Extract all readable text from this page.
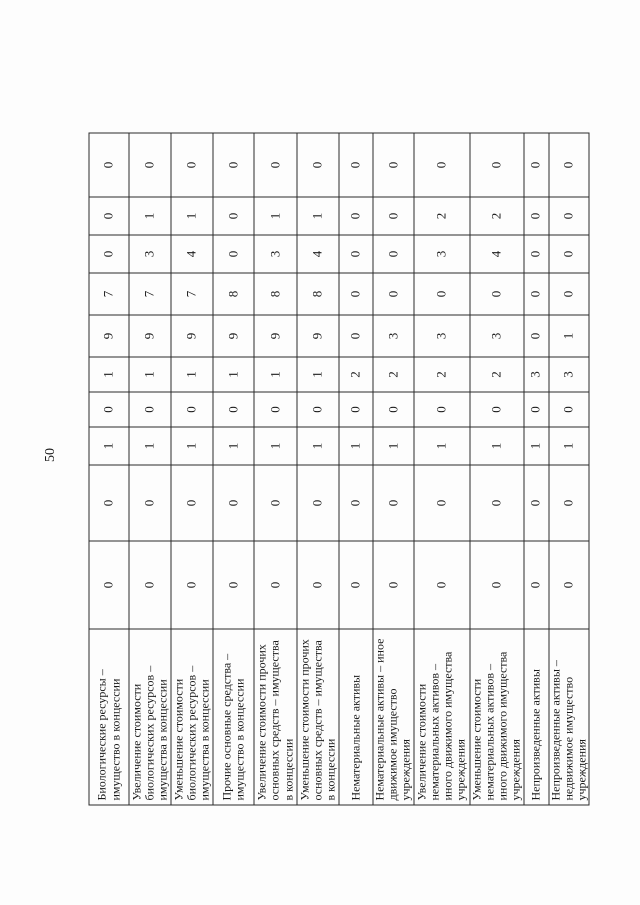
50
Биологические ресурсы – имущество в концессии	0	0	1	0	1	9	7	0	0	0
Увеличение стоимости биологических ресурсов – имущества в концессии	0	0	1	0	1	9	7	3	1	0
Уменьшение стоимости биологических ресурсов – имущества в концессии	0	0	1	0	1	9	7	4	1	0
Прочие основные средства – имущество в концессии	0	0	1	0	1	9	8	0	0	0
Увеличение стоимости прочих основных средств – имущества в концессии	0	0	1	0	1	9	8	3	1	0
Уменьшение стоимости прочих основных средств – имущества в концессии	0	0	1	0	1	9	8	4	1	0
Нематериальные активы	0	0	1	0	2	0	0	0	0	0
Нематериальные активы – иное движимое имущество учреждения	0	0	1	0	2	3	0	0	0	0
Увеличение стоимости нематериальных активов – иного движимого имущества учреждения	0	0	1	0	2	3	0	3	2	0
Уменьшение стоимости нематериальных активов – иного движимого имущества учреждения	0	0	1	0	2	3	0	4	2	0
Непроизведенные активы	0	0	1	0	3	0	0	0	0	0
Непроизведенные активы – недвижимое имущество учреждения	0	0	1	0	3	1	0	0	0	0
